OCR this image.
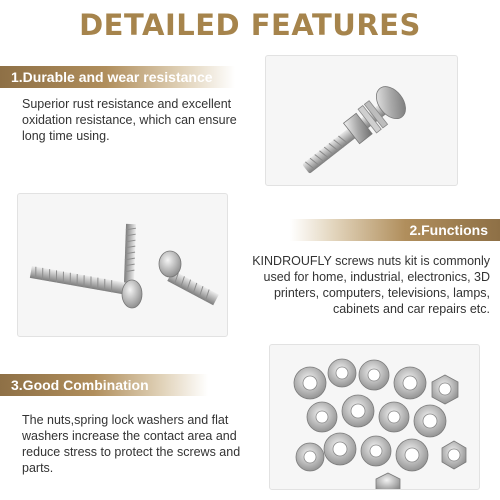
DETAILED FEATURES
1.Durable and wear resistance
Superior rust resistance and excellent oxidation resistance, which can ensure long time using.
2.Functions
KINDROUFLY screws nuts kit is commonly used for home, industrial, electronics, 3D printers, computers, televisions, lamps, cabinets and car repairs etc.
3.Good Combination
The nuts,spring lock washers and flat washers increase the contact area and reduce stress to protect the screws and parts.
